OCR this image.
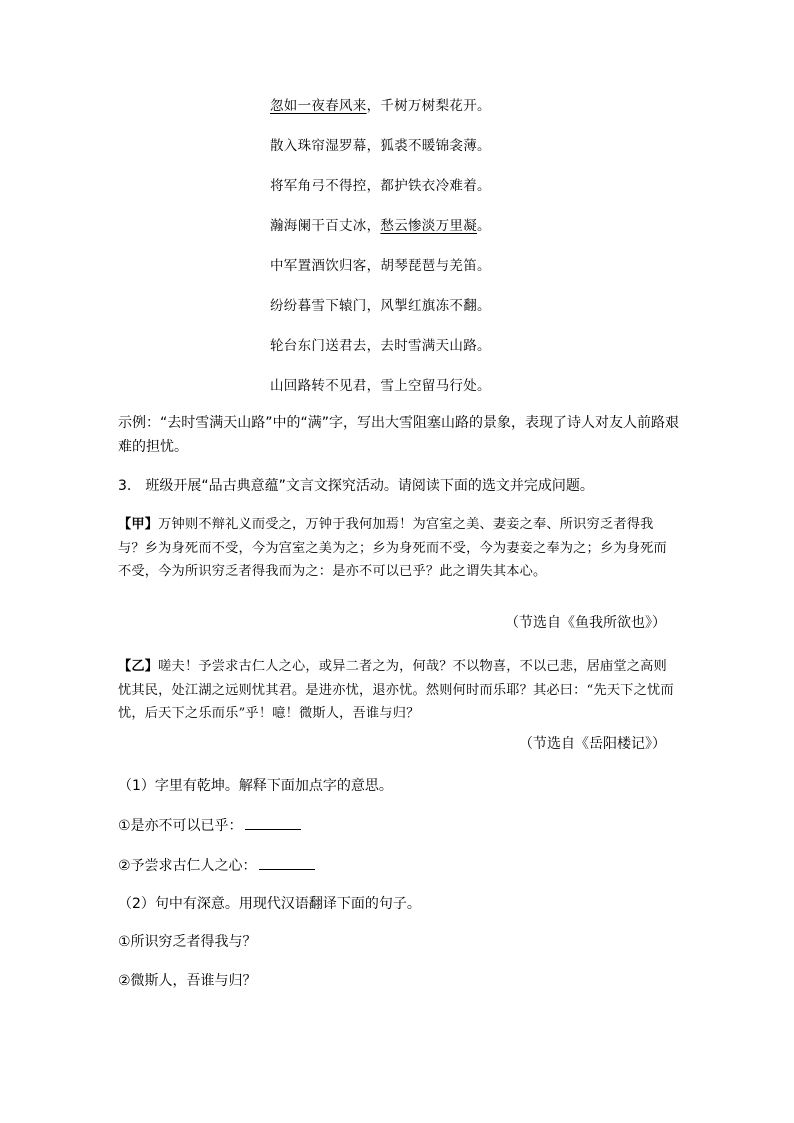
忽如一夜春风来，千树万树梨花开。
散入珠帘湿罗幕，狐裘不暖锦衾薄。
将军角弓不得控，都护铁衣冷难着。
瀚海阑干百丈冰，愁云惨淡万里凝。
中军置酒饮归客，胡琴琵琶与羌笛。
纷纷暮雪下辕门，风掣红旗冻不翻。
轮台东门送君去，去时雪满天山路。
山回路转不见君，雪上空留马行处。
示例：“去时雪满天山路”中的“满”字，写出大雪阻塞山路的景象，表现了诗人对友人前路艰难的担忧。
3.　班级开展“品古典意蕴”文言文探究活动。请阅读下面的选文并完成问题。
【甲】万钟则不辩礼义而受之，万钟于我何加焉！为宫室之美、妻妾之奉、所识穷乏者得我与？乡为身死而不受，今为宫室之美为之；乡为身死而不受，今为妻妾之奉为之；乡为身死而不受，今为所识穷乏者得我而为之：是亦不可以已乎？此之谓失其本心。
（节选自《鱼我所欲也》）
【乙】嗟夫！予尝求古仁人之心，或异二者之为，何哉？不以物喜，不以己悲，居庙堂之高则忧其民，处江湖之远则忧其君。是进亦忧，退亦忧。然则何时而乐耶？其必曰：“先天下之忧而忧，后天下之乐而乐”乎！噫！微斯人，吾谁与归？
（节选自《岳阳楼记》）
（1）字里有乾坤。解释下面加点字的意思。
①是亦不可以已乎：
②予尝求古仁人之心：
（2）句中有深意。用现代汉语翻译下面的句子。
①所识穷乏者得我与？
②微斯人，吾谁与归？
